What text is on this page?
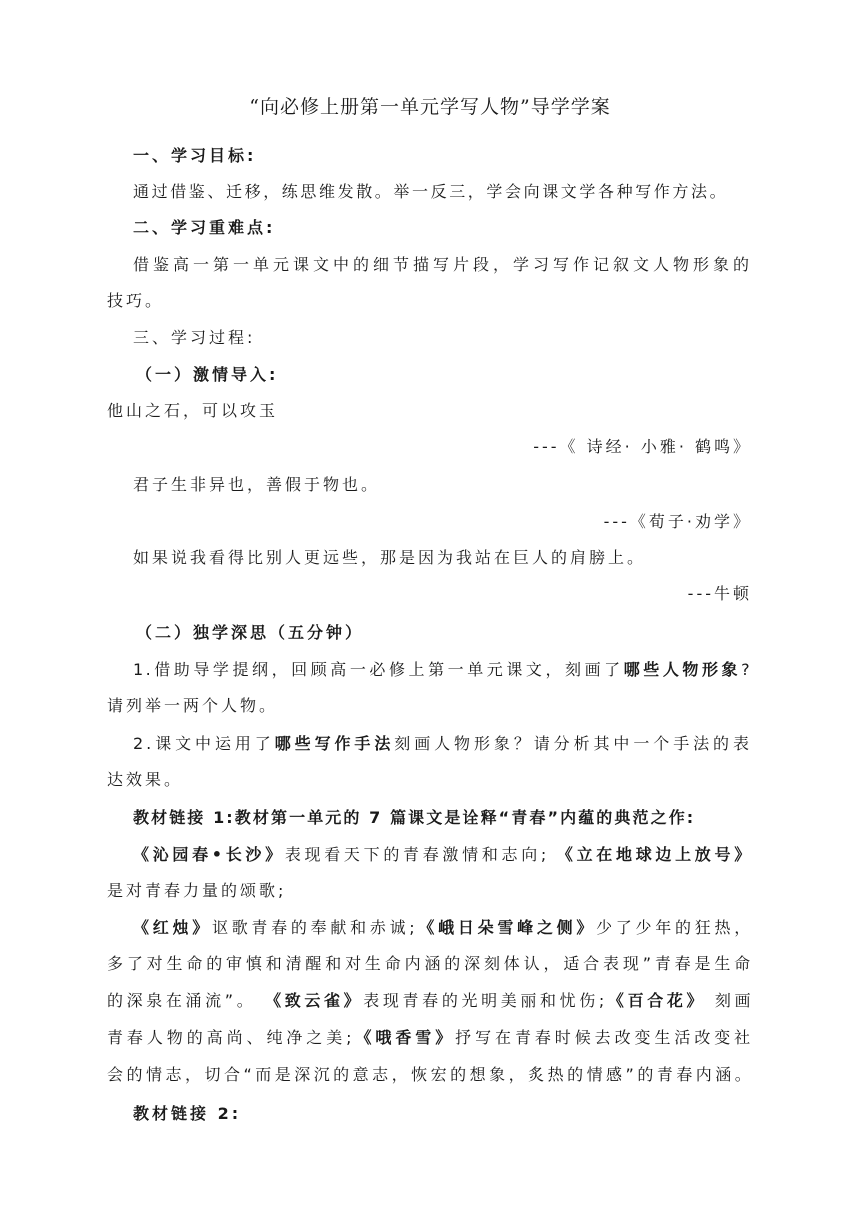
“向必修上册第一单元学写人物”导学学案
一、学习目标:
通过借鉴、迁移，练思维发散。举一反三，学会向课文学各种写作方法。
二、学习重难点:
借鉴高一第一单元课文中的细节描写片段，学习写作记叙文人物形象的
技巧。
三、学习过程:
（一）激情导入:
他山之石，可以攻玉
---《 诗经· 小雅· 鹤鸣》
君子生非异也，善假于物也。
---《荀子·劝学》
如果说我看得比别人更远些，那是因为我站在巨人的肩膀上。
---牛顿
（二）独学深思（五分钟）
1.借助导学提纲，回顾高一必修上第一单元课文，刻画了哪些人物形象?
请列举一两个人物。
2.课文中运用了哪些写作手法刻画人物形象？请分析其中一个手法的表
达效果。
教材链接 1:教材第一单元的 7 篇课文是诠释“青春”内蕴的典范之作:
《沁园春•长沙》表现看天下的青春激情和志向; 《立在地球边上放号》
是对青春力量的颂歌;
《红烛》讴歌青春的奉献和赤诚;《峨日朵雪峰之侧》少了少年的狂热，
多了对生命的审慎和清醒和对生命内涵的深刻体认，适合表现”青春是生命
的深泉在涌流”。 《致云雀》表现青春的光明美丽和忧伤;《百合花》 刻画
青春人物的高尚、纯净之美;《哦香雪》抒写在青春时候去改变生活改变社
会的情志，切合“而是深沉的意志，恢宏的想象，炙热的情感”的青春内涵。
教材链接 2:
